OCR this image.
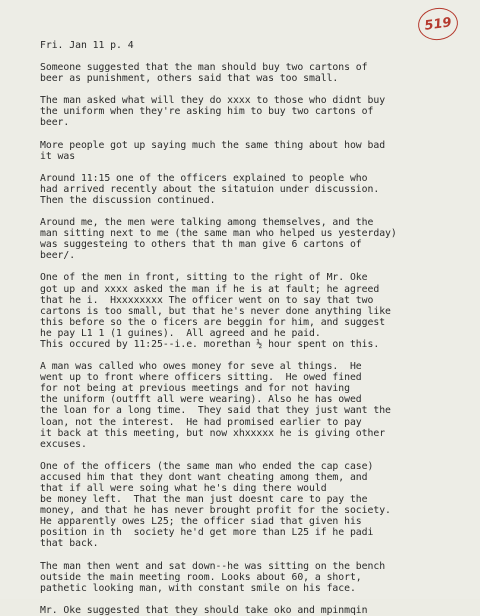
519
Fri. Jan 11 p. 4
Someone suggested that the man should buy two cartons of
beer as punishment, others said that was too small.
The man asked what will they do xxxx to those who didnt buy
the uniform when they're asking him to buy two cartons of
beer.
More people got up saying much the same thing about how bad
it was
Around 11:15 one of the officers explained to people who
had arrived recently about the sitatuion under discussion.
Then the discussion continued.
Around me, the men were talking among themselves, and the
man sitting next to me (the same man who helped us yesterday)
was suggesteing to others that th man give 6 cartons of
beer/.
One of the men in front, sitting to the right of Mr. Oke
got up and xxxx asked the man if he is at fault; he agreed
that he i.  Hxxxxxxxx The officer went on to say that two
cartons is too small, but that he's never done anything like
this before so the o ficers are beggin for him, and suggest
he pay L1 1 (1 guines).  All agreed and he paid.
This occured by 11:25--i.e. morethan ½ hour spent on this.
A man was called who owes money for seve al things.  He
went up to front where officers sitting.  He owed fined
for not being at previous meetings and for not having
the uniform (outfft all were wearing). Also he has owed
the loan for a long time.  They said that they just want the
loan, not the interest.  He had promised earlier to pay
it back at this meeting, but now xhxxxxx he is giving other
excuses.
One of the officers (the same man who ended the cap case)
accused him that they dont want cheating among them, and
that if all were soing what he's ding there would
be money left.  That the man just doesnt care to pay the
money, and that he has never brought profit for the society.
He apparently owes L25; the officer siad that given his
position in th  society he'd get more than L25 if he padi
that back.
The man then went and sat down--he was sitting on the bench
outside the main meeting room. Looks about 60, a short,
pathetic looking man, with constant smile on his face.
Mr. Oke suggested that they should take oko and mpinmqin
